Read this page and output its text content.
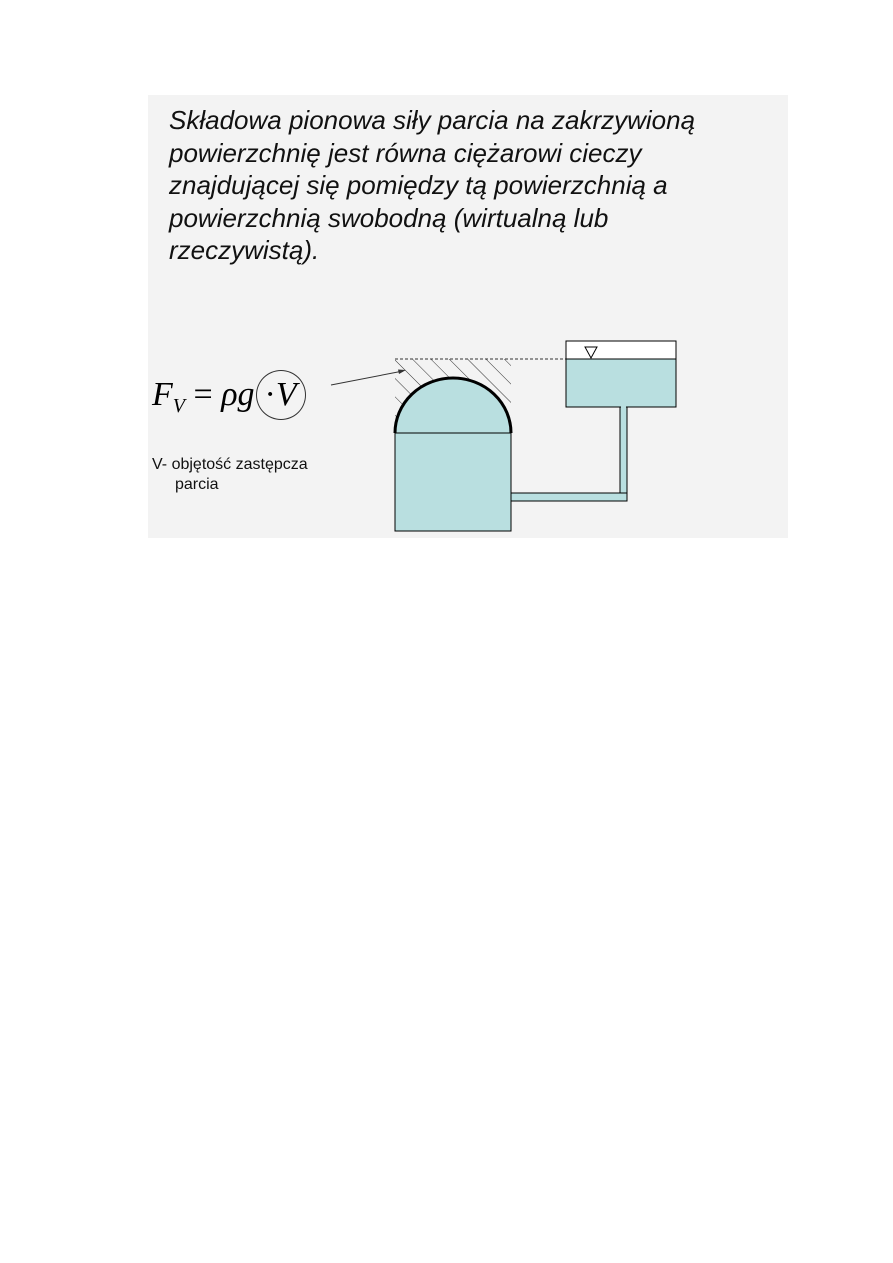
Składowa pionowa siły parcia na zakrzywioną
powierzchnię jest równa ciężarowi cieczy
znajdującej się pomiędzy tą powierzchnią a
powierzchnią swobodną (wirtualną lub
rzeczywistą).

$F_V = \rho g \cdot V$

V- objętość zastępcza
parcia
